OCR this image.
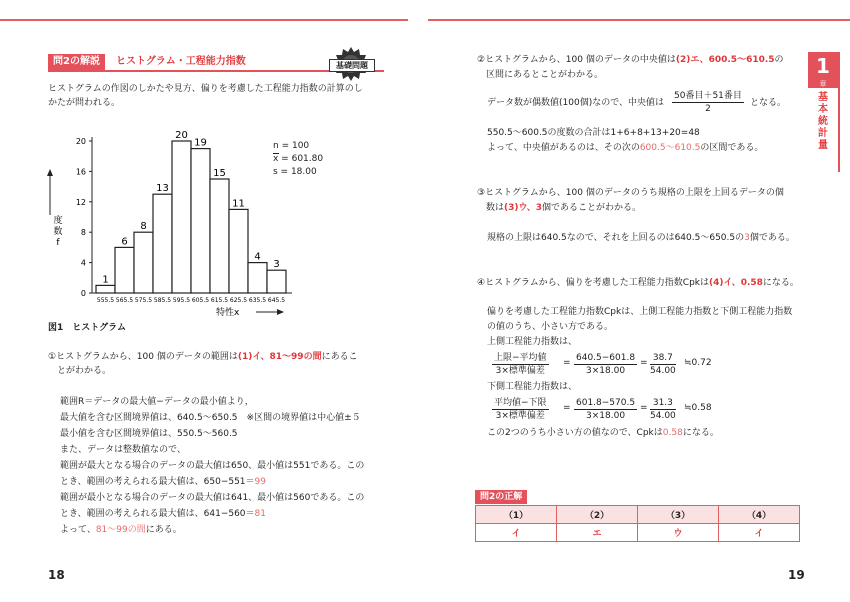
問2の解説	ヒストグラム・工程能力指数	基礎問題
ヒストグラムの作図のしかたや見方、偏りを考慮した工程能力指数の計算のし
かたが問われる。
0
4
8
12
16
20
度
数
f
1
555.5
6
565.5
8
575.5
13
585.5
20
595.5
19
605.5
15
615.5
11
625.5
4
635.5
3
645.5
特性x
n = 100
x = 601.80
s = 18.00
図1　ヒストグラム
①ヒストグラムから、100 個のデータの範囲は(1)イ、81〜99の間にあるこ
とがわかる。
範囲R＝データの最大値−データの最小値より，
最大値を含む区間境界値は、640.5〜650.5　※区間の境界値は中心値±５
最小値を含む区間境界値は、550.5〜560.5
また、データは整数値なので、
範囲が最大となる場合のデータの最大値は650、最小値は551である。この
とき、範囲の考えられる最大値は、650−551＝99
範囲が最小となる場合のデータの最大値は641、最小値は560である。この
とき、範囲の考えられる最大値は、641−560＝81
よって、81〜99の間にある。
18
②ヒストグラムから、100 個のデータの中央値は(2)エ、600.5〜610.5の
区間にあるとことがわかる。
データ数が偶数値(100個)なので、中央値は
50番目＋51番目
2
となる。
550.5〜600.5の度数の合計は1+6+8+13+20=48
よって、中央値があるのは、その次の600.5〜610.5の区間である。
③ヒストグラムから、100 個のデータのうち規格の上限を上回るデータの個
数は(3)ウ、3個であることがわかる。
規格の上限は640.5なので、それを上回るのは640.5〜650.5の3個である。
④ヒストグラムから、偏りを考慮した工程能力指数Cpkは(4)イ、0.58になる。
偏りを考慮した工程能力指数Cpkは、上側工程能力指数と下側工程能力指数
の値のうち、小さい方である。
上側工程能力指数は、
上限−平均値
3×標準偏差
= $\frac{640.5-601.8}{3\times 18.00} = \frac{38.7}{54.00}$ ≒0.72
下側工程能力指数は、
平均値−下限
3×標準偏差
= $\frac{601.8-570.5}{3\times 18.00} = \frac{31.3}{54.00}$ ≒0.58
この2つのうち小さい方の値なので、Cpkは0.58になる。
問2の正解
（1）	（2）	（3）	（4）
イ	エ	ウ	イ
1
章
基本統計量
19
